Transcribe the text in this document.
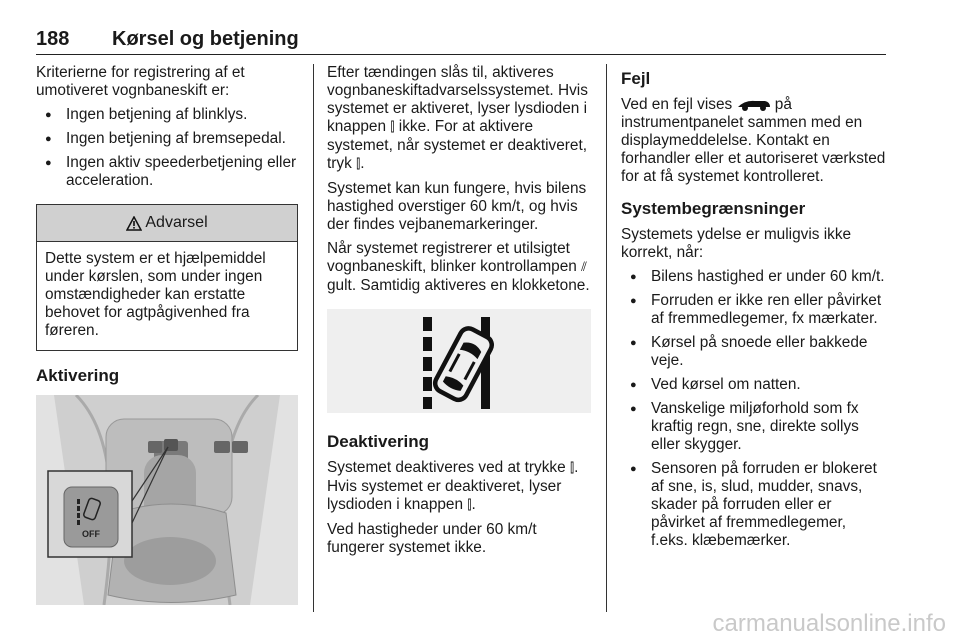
188 Kørsel og betjening

Kriterierne for registrering af et umotiveret vognbaneskift er:

● Ingen betjening af blinklys.
● Ingen betjening af bremsepedal.
● Ingen aktiv speederbetjening eller acceleration.
Advarsel
Dette system er et hjælpemiddel under kørslen, som under ingen omstændigheder kan erstatte behovet for agtpågivenhed fra føreren.
Aktivering
OFF

Efter tændingen slås til, aktiveres vognbaneskiftadvarselssystemet. Hvis systemet er aktiveret, lyser lysdioden i knappen ⫿ ikke. For at aktivere systemet, når systemet er deaktiveret, tryk ⫿.

Systemet kan kun fungere, hvis bilens hastighed overstiger 60 km/t, og hvis der findes vejbanemarkeringer.

Når systemet registrerer et utilsigtet vognbaneskift, blinker kontrollampen ⫽ gult. Samtidig aktiveres en klokketone.

Deaktivering

Systemet deaktiveres ved at trykke ⫿. Hvis systemet er deaktiveret, lyser lysdioden i knappen ⫿.

Ved hastigheder under 60 km/t fungerer systemet ikke.

Fejl

Ved en fejl vises	på instrumentpanelet sammen med en displaymeddelelse. Kontakt en forhandler eller et autoriseret værksted for at få systemet kontrolleret.

Systembegrænsninger

Systemets ydelse er muligvis ikke korrekt, når:

● Bilens hastighed er under 60 km/t.
● Forruden er ikke ren eller påvirket af fremmedlegemer, fx mærkater.
● Kørsel på snoede eller bakkede veje.
● Ved kørsel om natten.
● Vanskelige miljøforhold som fx kraftig regn, sne, direkte sollys eller skygger.
● Sensoren på forruden er blokeret af sne, is, slud, mudder, snavs, skader på forruden eller er påvirket af fremmedlegemer, f.eks. klæbemærker.
carmanualsonline.info
